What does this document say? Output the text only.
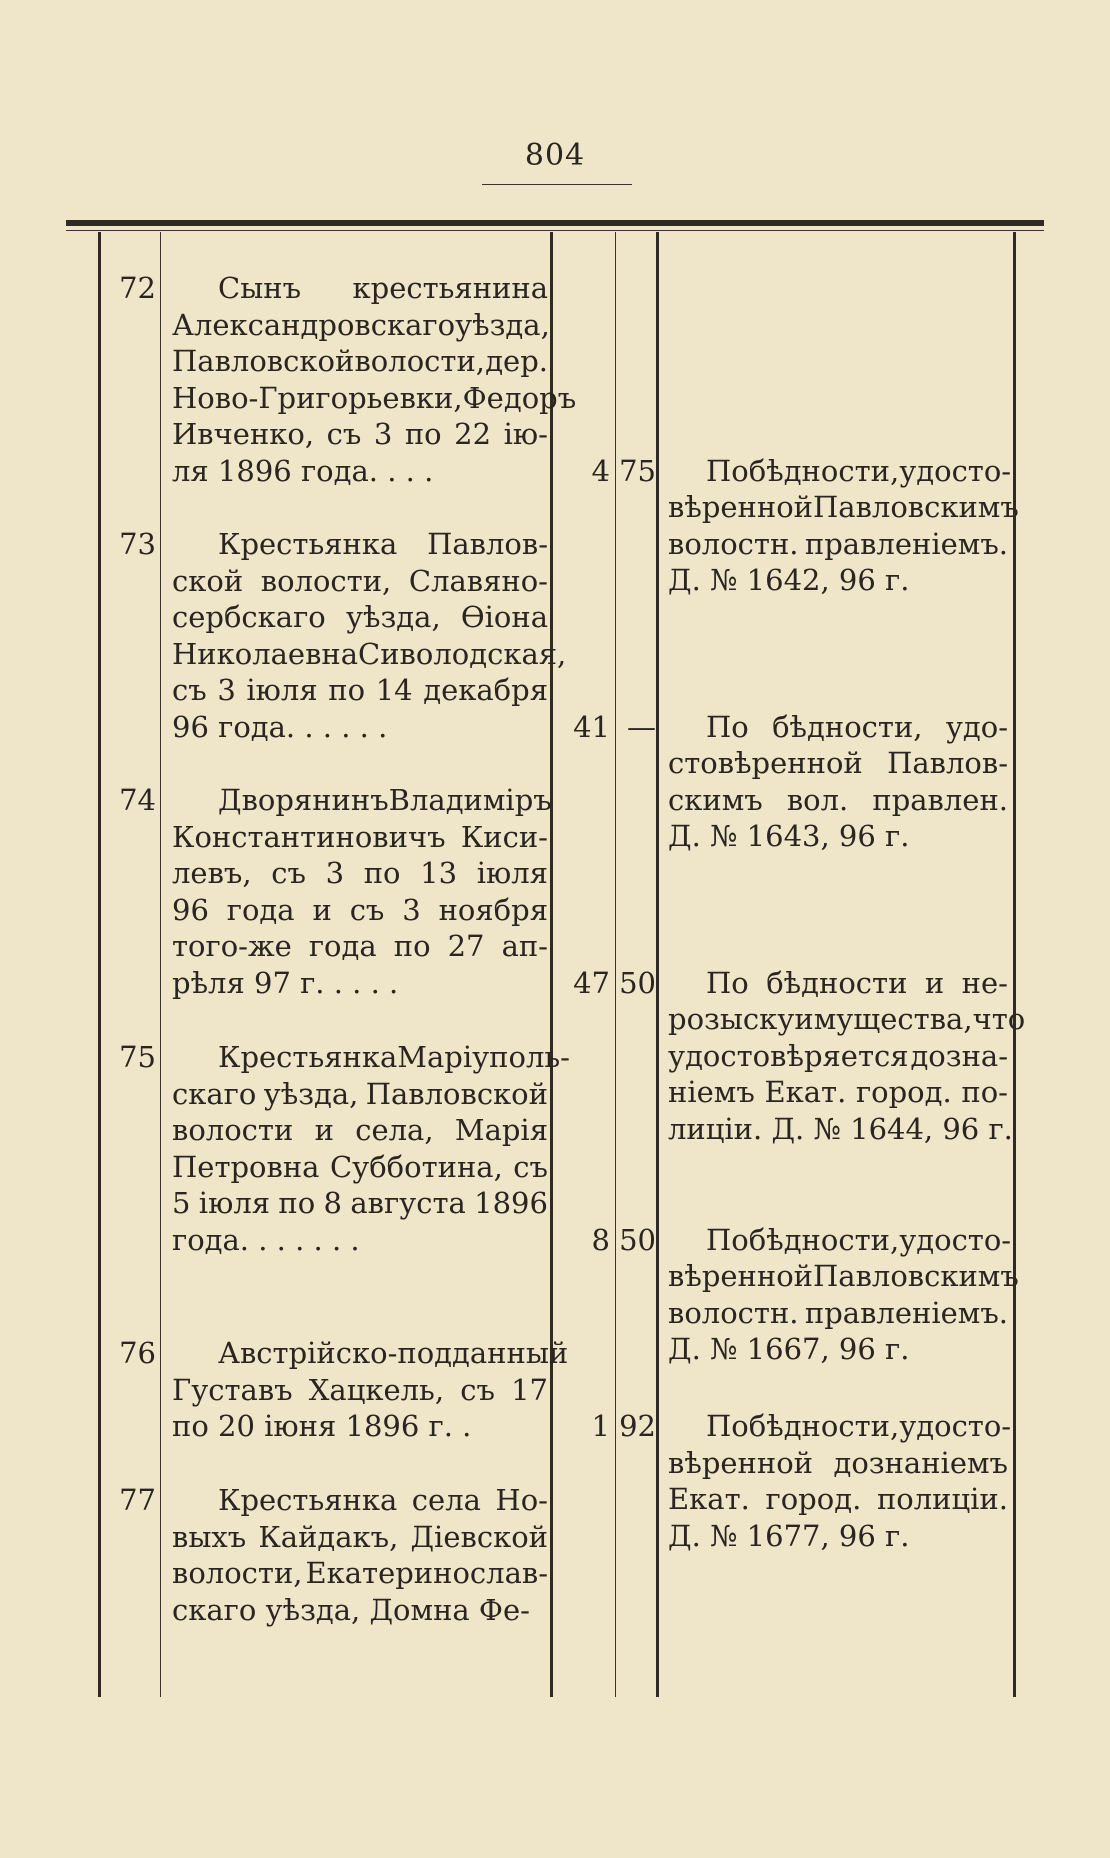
804
72 Сынъ крестьянина
Александровскаго уѣзда,
Павловской волости, дер.
Ново-Григорьевки, Федоръ
Ивченко, съ 3 по 22 ію-
ля 1896 года. . . .	4 75 По бѣдности, удосто-
вѣренной Павловскимъ
волостн. правленіемъ.
Д. № 1642, 96 г.
73 Крестьянка Павлов-
ской волости, Славяно-
сербскаго уѣзда, Ѳіона
Николаевна Сиволодская,
съ 3 іюля по 14 декабря
96 года. . . . . .	41 — По бѣдности, удо-
стовѣренной Павлов-
скимъ вол. правлен.
Д. № 1643, 96 г.
74 Дворянинъ Владиміръ
Константиновичъ Киси-
левъ, съ 3 по 13 іюля
96 года и съ 3 ноября
того-же года по 27 ап-
рѣля 97 г. . . . .	47 50 По бѣдности и не-
розыску имущества, что
удостовѣряется дозна-
ніемъ Екат. город. по-
лиціи. Д. № 1644, 96 г.
75 Крестьянка Маріуполь-
скаго уѣзда, Павловской
волости и села, Марія
Петровна Субботина, съ
5 іюля по 8 августа 1896
года. . . . . . .	8 50 По бѣдности, удосто-
вѣренной Павловскимъ
волостн. правленіемъ.
Д. № 1667, 96 г.
76 Австрійско-подданный
Густавъ Хацкель, съ 17
по 20 іюня 1896 г. .	1 92 По бѣдности, удосто-
вѣренной дознаніемъ
Екат. город. полиціи.
Д. № 1677, 96 г.
77 Крестьянка села Но-
выхъ Кайдакъ, Діевской
волости, Екатеринослав-
скаго уѣзда, Домна Фе-
